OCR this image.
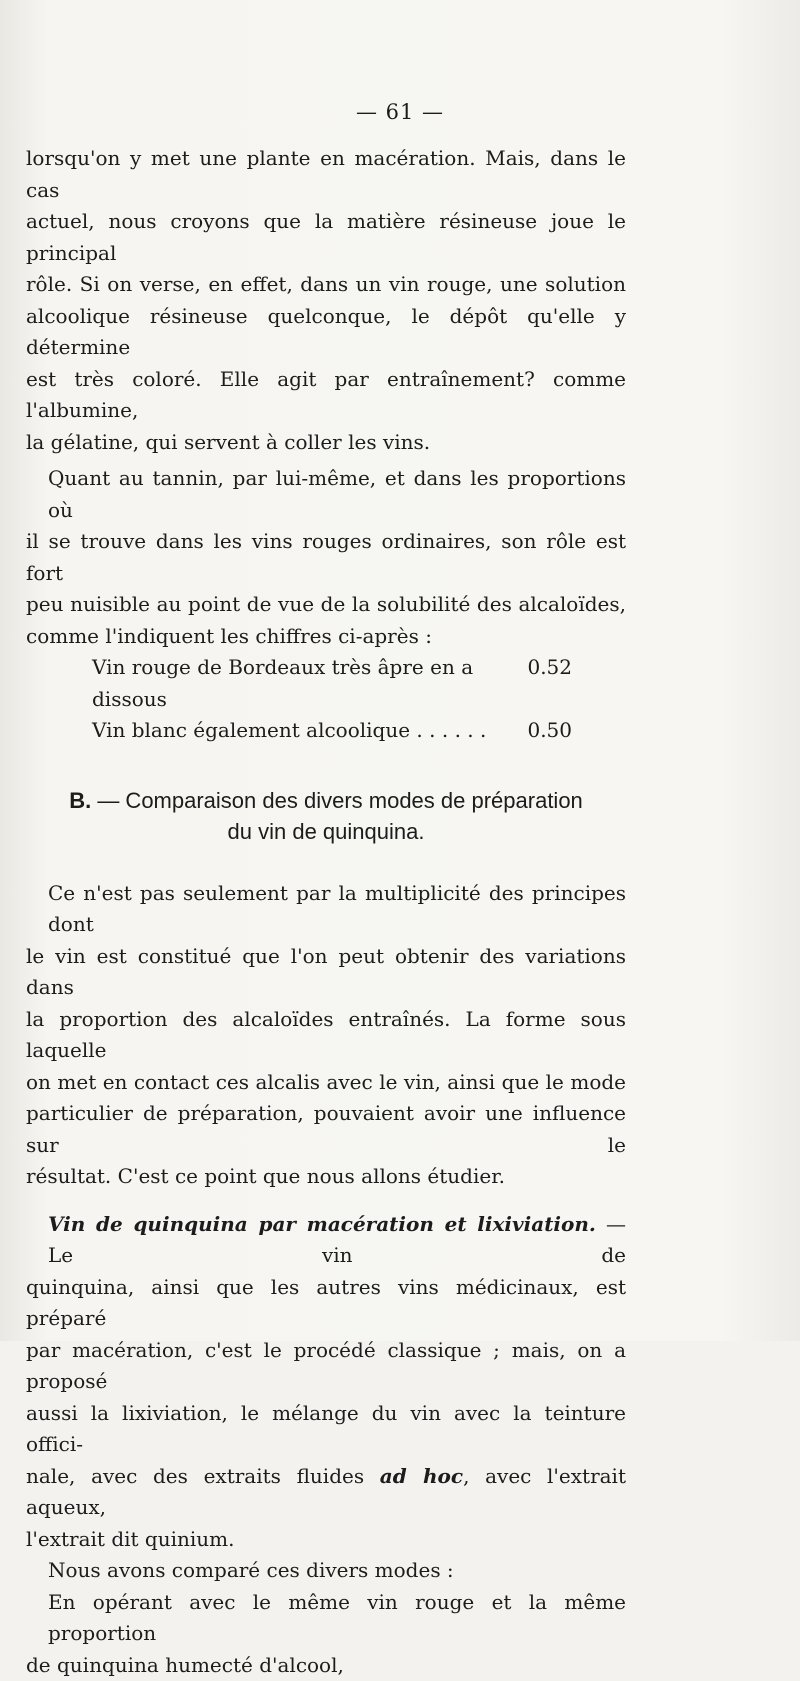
— 61 —

lorsqu'on y met une plante en macération. Mais, dans le cas
actuel, nous croyons que la matière résineuse joue le principal
rôle. Si on verse, en effet, dans un vin rouge, une solution
alcoolique résineuse quelconque, le dépôt qu'elle y détermine
est très coloré. Elle agit par entraînement? comme l'albumine,
la gélatine, qui servent à coller les vins.

Quant au tannin, par lui-même, et dans les proportions où
il se trouve dans les vins rouges ordinaires, son rôle est fort
peu nuisible au point de vue de la solubilité des alcaloïdes,
comme l'indiquent les chiffres ci-après :

Vin rouge de Bordeaux très âpre en a dissous
0.52
Vin blanc également alcoolique . . . . . . 0.50
B. — Comparaison des divers modes de préparation
du vin de quinquina.

Ce n'est pas seulement par la multiplicité des principes dont
le vin est constitué que l'on peut obtenir des variations dans
la proportion des alcaloïdes entraînés. La forme sous laquelle
on met en contact ces alcalis avec le vin, ainsi que le mode
particulier de préparation, pouvaient avoir une influence sur le
résultat. C'est ce point que nous allons étudier.

Vin de quinquina par macération et lixiviation. — Le vin de
quinquina, ainsi que les autres vins médicinaux, est préparé
par macération, c'est le procédé classique ; mais, on a proposé
aussi la lixiviation, le mélange du vin avec la teinture offici-
nale, avec des extraits fluides ad hoc, avec l'extrait aqueux,
l'extrait dit quinium.

Nous avons comparé ces divers modes :

En opérant avec le même vin rouge et la même proportion
de quinquina humecté d'alcool,
